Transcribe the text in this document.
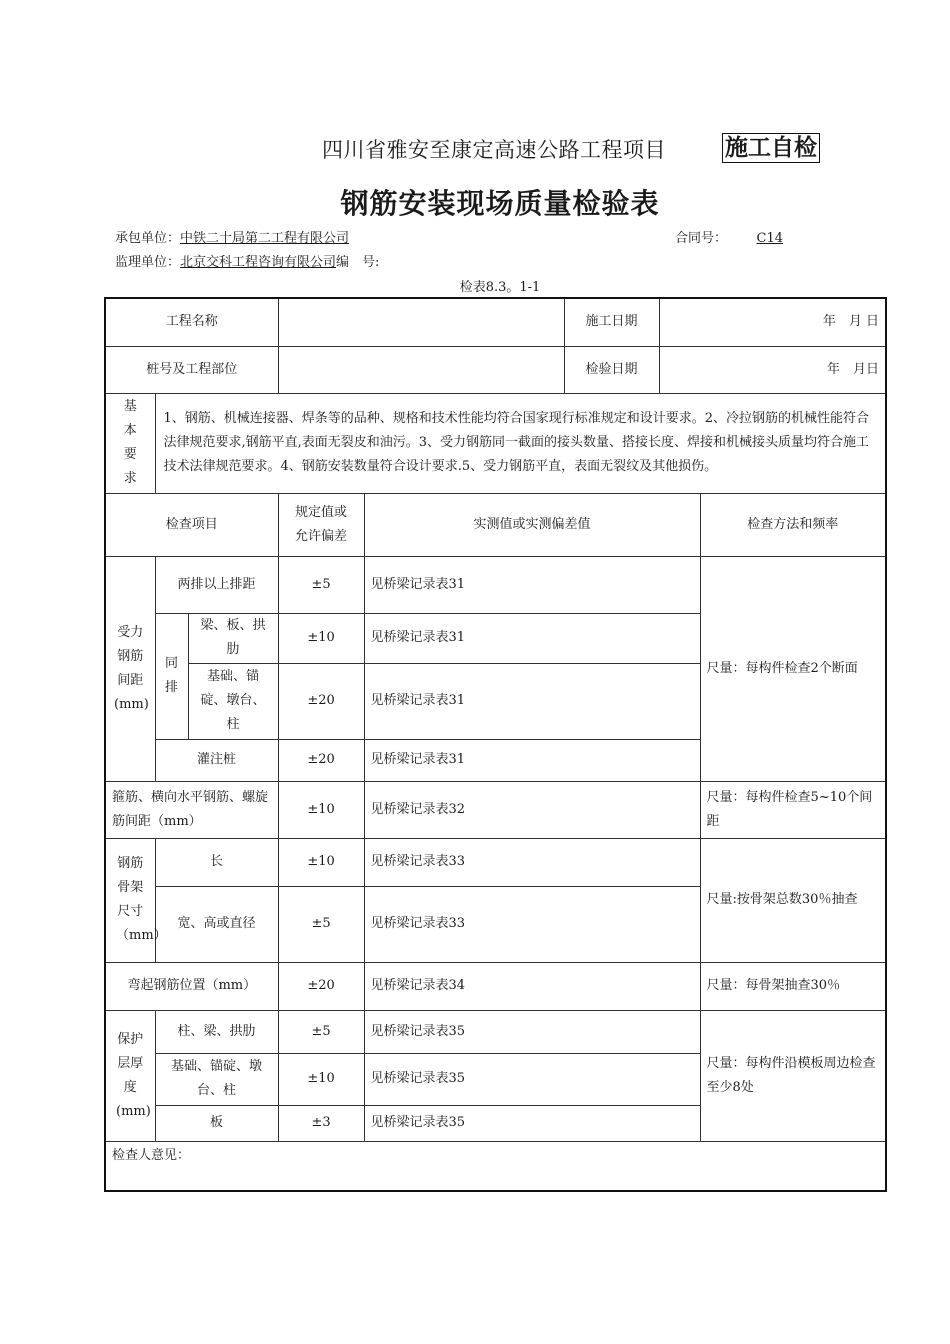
四川省雅安至康定高速公路工程项目	施工自检
钢筋安装现场质量检验表
承包单位：中铁二十局第二工程有限公司	合同号： C14
监理单位：北京交科工程咨询有限公司编　号:
检表8.3。1-1
工程名称					施工日期	年　月 日	
桩号及工程部位					检验日期	年　月日	
基本要求	1、钢筋、机械连接器、焊条等的品种、规格和技术性能均符合国家现行标准规定和设计要求。2、冷拉钢筋的机械性能符合法律规范要求,钢筋平直,表面无裂皮和油污。3、受力钢筋同一截面的接头数量、搭接长度、焊接和机械接头质量均符合施工技术法律规范要求。4、钢筋安装数量符合设计要求.5、受力钢筋平直，表面无裂纹及其他损伤。						
检查项目			规定值或允许偏差	实测值或实测偏差值			检查方法和频率
受力钢筋间距(mm)	两排以上排距		±5	见桥梁记录表31			尺量：每构件检查2个断面
	同排	梁、板、拱肋	±10	见桥梁记录表31			
		基础、锚碇、墩台、柱	±20	见桥梁记录表31			
	灌注桩		±20	见桥梁记录表31			
箍筋、横向水平钢筋、螺旋筋间距（mm）			±10	见桥梁记录表32			尺量：每构件检查5~10个间距
钢筋骨架尺寸（mm）	长		±10	见桥梁记录表33			尺量:按骨架总数30％抽查
	宽、高或直径		±5	见桥梁记录表33			
弯起钢筋位置（mm）			±20	见桥梁记录表34			尺量：每骨架抽查30％
保护层厚度(mm)	柱、梁、拱肋		±5	见桥梁记录表35			尺量：每构件沿模板周边检查至少8处
	基础、锚碇、墩台、柱		±10	见桥梁记录表35			
	板		±3	见桥梁记录表35			
检查人意见：							
